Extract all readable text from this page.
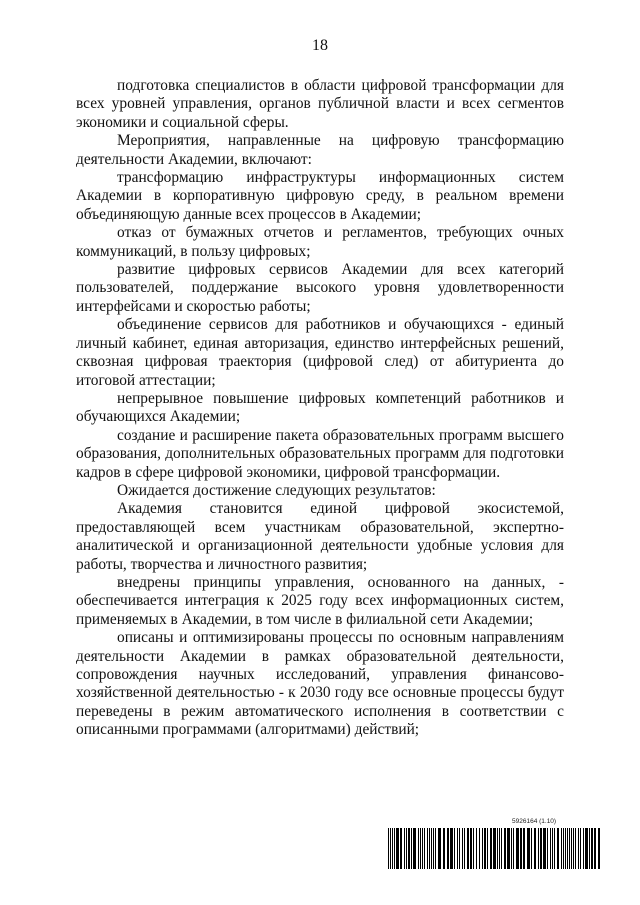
18

подготовка специалистов в области цифровой трансформации для всех уровней управления, органов публичной власти и всех сегментов экономики и социальной сферы.

Мероприятия, направленные на цифровую трансформацию деятельности Академии, включают:

трансформацию инфраструктуры информационных систем Академии в корпоративную цифровую среду, в реальном времени объединяющую данные всех процессов в Академии;

отказ от бумажных отчетов и регламентов, требующих очных коммуникаций, в пользу цифровых;

развитие цифровых сервисов Академии для всех категорий пользователей, поддержание высокого уровня удовлетворенности интерфейсами и скоростью работы;

объединение сервисов для работников и обучающихся - единый личный кабинет, единая авторизация, единство интерфейсных решений, сквозная цифровая траектория (цифровой след) от абитуриента до итоговой аттестации;

непрерывное повышение цифровых компетенций работников и обучающихся Академии;

создание и расширение пакета образовательных программ высшего образования, дополнительных образовательных программ для подготовки кадров в сфере цифровой экономики, цифровой трансформации.

Ожидается достижение следующих результатов:

Академия становится единой цифровой экосистемой, предоставляющей всем участникам образовательной, экспертно-аналитической и организационной деятельности удобные условия для работы, творчества и личностного развития;

внедрены принципы управления, основанного на данных, - обеспечивается интеграция к 2025 году всех информационных систем, применяемых в Академии, в том числе в филиальной сети Академии;

описаны и оптимизированы процессы по основным направлениям деятельности Академии в рамках образовательной деятельности, сопровождения научных исследований, управления финансово-хозяйственной деятельностью - к 2030 году все основные процессы будут переведены в режим автоматического исполнения в соответствии с описанными программами (алгоритмами) действий;

5926164 (1.10)
